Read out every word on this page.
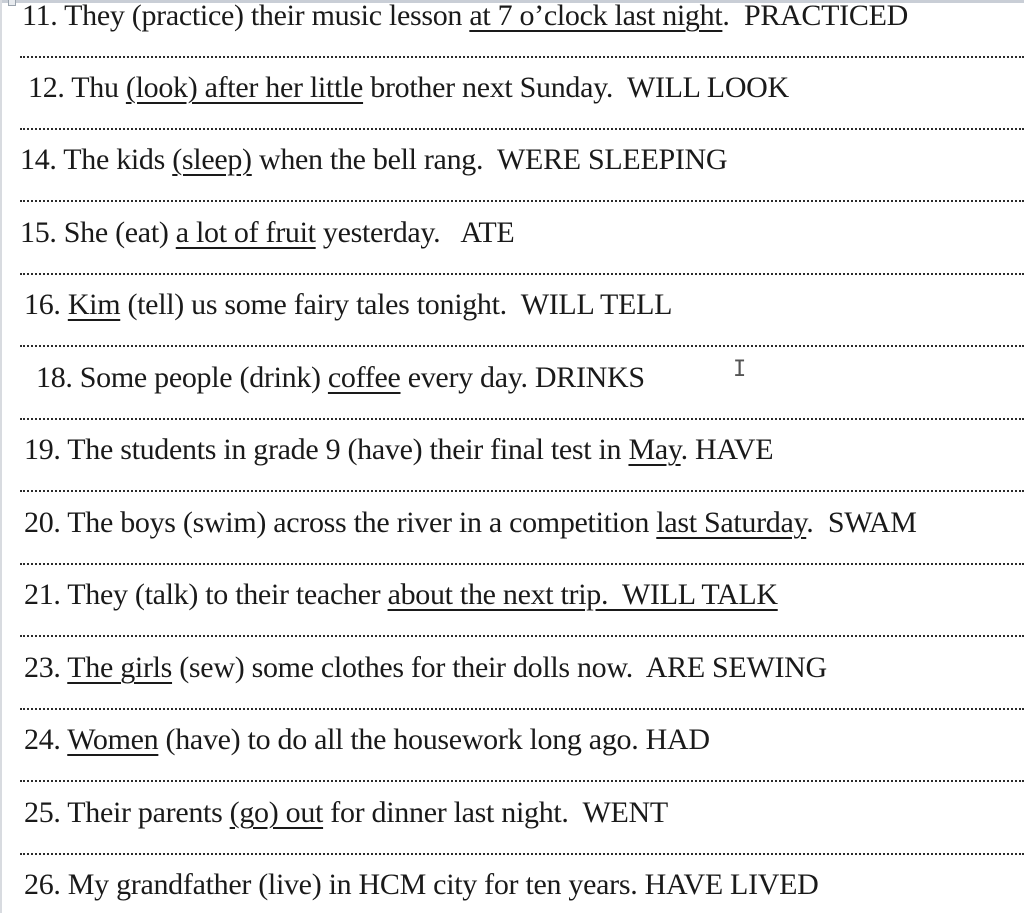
11. They (practice) their music lesson at 7 o’clock last night.  PRACTICED
12. Thu (look) after her little brother next Sunday.  WILL LOOK
14. The kids (sleep) when the bell rang.  WERE SLEEPING
15. She (eat) a lot of fruit yesterday.   ATE
16. Kim (tell) us some fairy tales tonight.  WILL TELL
18. Some people (drink) coffee every day. DRINKS
19. The students in grade 9 (have) their final test in May. HAVE
20. The boys (swim) across the river in a competition last Saturday.  SWAM
21. They (talk) to their teacher about the next trip.  WILL TALK
23. The girls (sew) some clothes for their dolls now.  ARE SEWING
24. Women (have) to do all the housework long ago. HAD
25. Their parents (go) out for dinner last night.  WENT
26. My grandfather (live) in HCM city for ten years. HAVE LIVED
I
